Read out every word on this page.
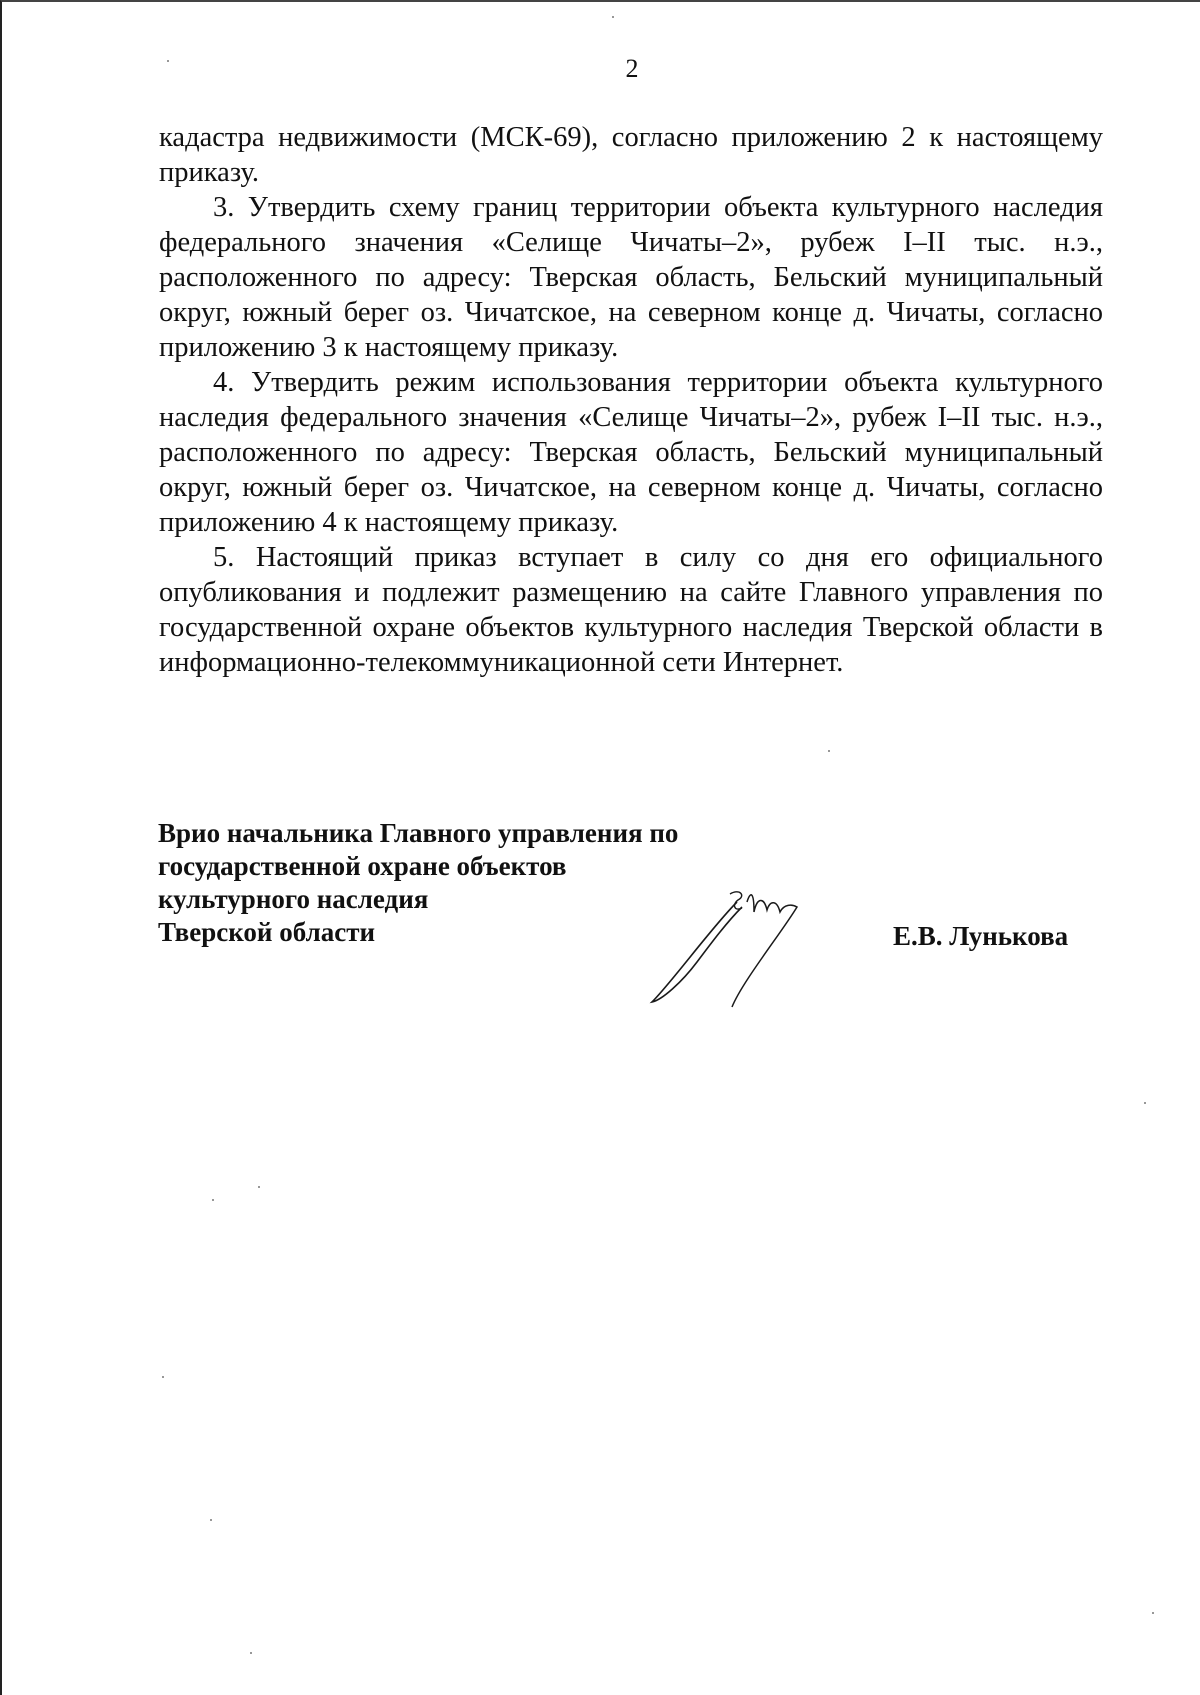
2

кадастра недвижимости (МСК-69), согласно приложению 2 к настоящему приказу.

3. Утвердить схему границ территории объекта культурного наследия федерального значения «Селище Чичаты–2», рубеж I–II тыс. н.э., расположенного по адресу: Тверская область, Бельский муниципальный округ, южный берег оз. Чичатское, на северном конце д. Чичаты, согласно приложению 3 к настоящему приказу.

4. Утвердить режим использования территории объекта культурного наследия федерального значения «Селище Чичаты–2», рубеж I–II тыс. н.э., расположенного по адресу: Тверская область, Бельский муниципальный округ, южный берег оз. Чичатское, на северном конце д. Чичаты, согласно приложению 4 к настоящему приказу.

5. Настоящий приказ вступает в силу со дня его официального опубликования и подлежит размещению на сайте Главного управления по государственной охране объектов культурного наследия Тверской области в информационно-телекоммуникационной сети Интернет.

Врио начальника Главного управления по
государственной охране объектов
культурного наследия
Тверской области	Е.В. Лунькова
